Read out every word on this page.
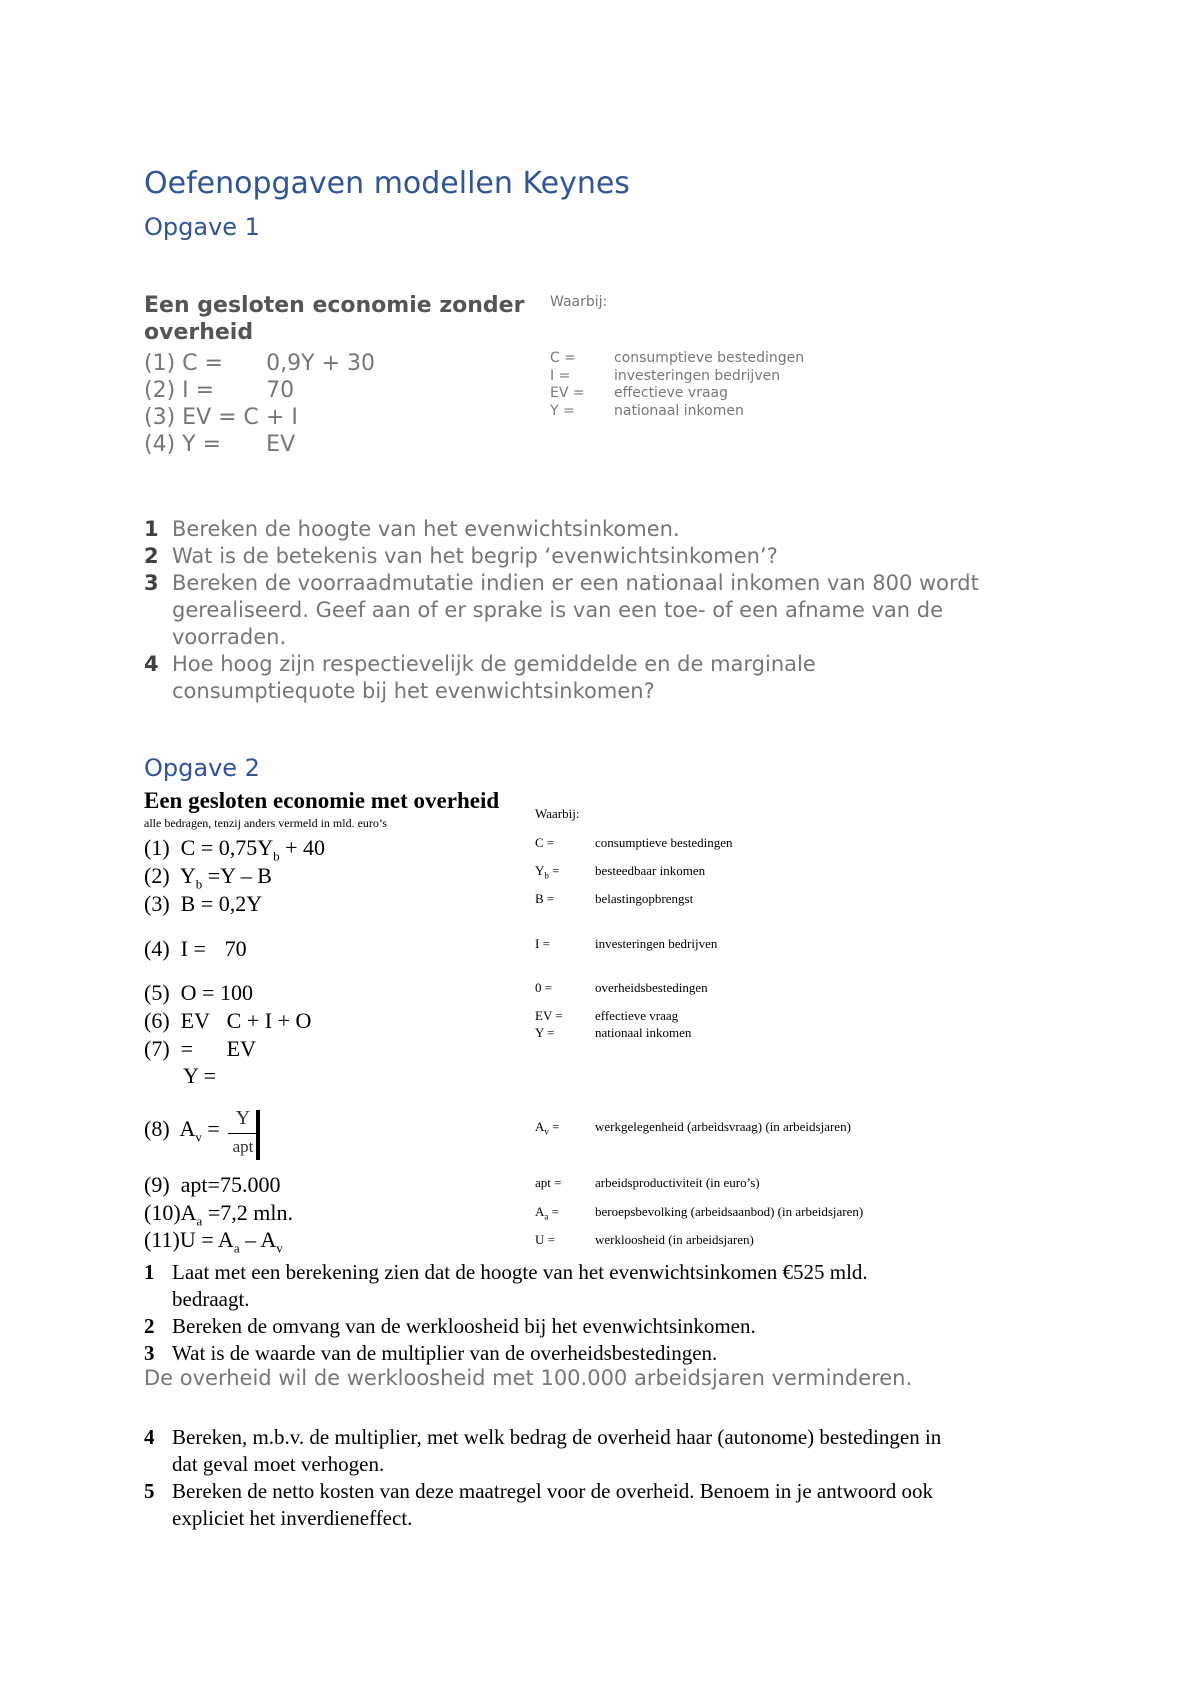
Oefenopgaven modellen Keynes
Opgave 1
Een gesloten economie zonder
overheid
(1) C = 0,9Y + 30
(2) I = 70
(3) EV = C + I
(4) Y = EV
Waarbij:
C =	consumptieve bestedingen
I =	investeringen bedrijven
EV = effectieve vraag
Y =	nationaal inkomen
1 Bereken de hoogte van het evenwichtsinkomen.
2 Wat is de betekenis van het begrip ‘evenwichtsinkomen’?
3 Bereken de voorraadmutatie indien er een nationaal inkomen van 800 wordt
gerealiseerd. Geef aan of er sprake is van een toe- of een afname van de
voorraden.
4 Hoe hoog zijn respectievelijk de gemiddelde en de marginale
consumptiequote bij het evenwichtsinkomen?
Opgave 2
Een gesloten economie met overheid
alle bedragen, tenzij anders vermeld in mld. euro’s
Waarbij:
(1) $C = 0,75Y_b + 40$
(2) $Y_b =Y - B$
(3) B = 0,2Y
(4) I = 70
(5) O = 100
(6) EV C + I + O
(7) = EV
Y =
(8) $A_v = Y$
apt
(9) apt=75.000
$(10)A_a =7,2$ mln.
$(11)U = A_a - A_v$
C =	consumptieve bestedingen
$Y_b$ =	besteedbaar inkomen
B =	belastingopbrengst
I =	investeringen bedrijven
0 =	overheidsbestedingen
EV = effectieve vraag
Y =	nationaal inkomen
$A_v$ =	werkgelegenheid (arbeidsvraag) (in arbeidsjaren)
apt =	arbeidsproductiviteit (in euro’s)
$A_a$ =	beroepsbevolking (arbeidsaanbod) (in arbeidsjaren)
U =	werkloosheid (in arbeidsjaren)
1 Laat met een berekening zien dat de hoogte van het evenwichtsinkomen €525 mld.
bedraagt.
2 Bereken de omvang van de werkloosheid bij het evenwichtsinkomen.
3 Wat is de waarde van de multiplier van de overheidsbestedingen.
De overheid wil de werkloosheid met 100.000 arbeidsjaren verminderen.
4 Bereken, m.b.v. de multiplier, met welk bedrag de overheid haar (autonome) bestedingen in
dat geval moet verhogen.
5 Bereken de netto kosten van deze maatregel voor de overheid. Benoem in je antwoord ook
expliciet het inverdieneffect.
